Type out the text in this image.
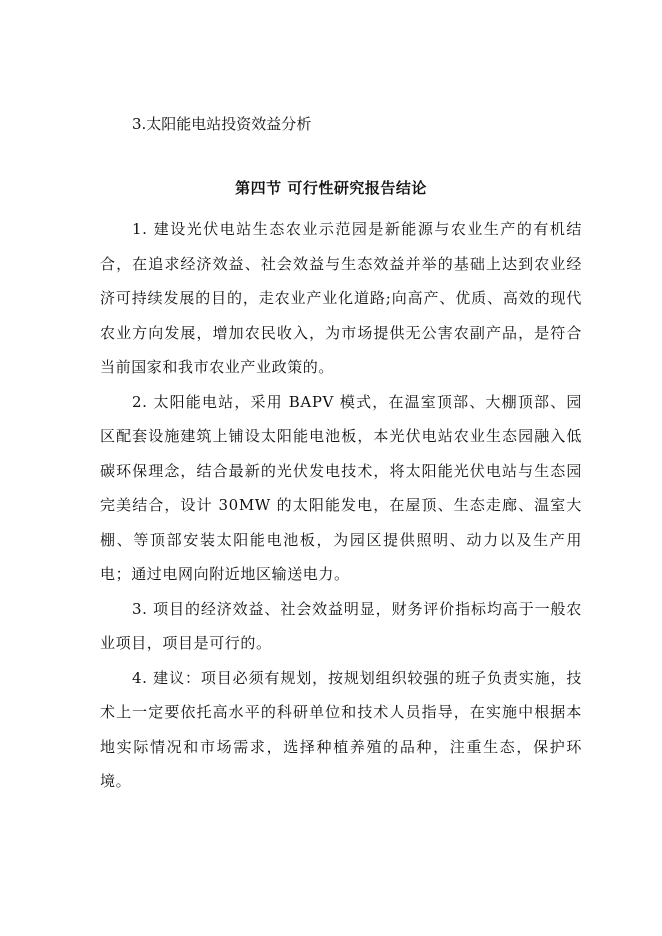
3.太阳能电站投资效益分析

第四节 可行性研究报告结论

1. 建设光伏电站生态农业示范园是新能源与农业生产的有机结合，在追求经济效益、社会效益与生态效益并举的基础上达到农业经济可持续发展的目的，走农业产业化道路;向高产、优质、高效的现代农业方向发展，增加农民收入，为市场提供无公害农副产品，是符合当前国家和我市农业产业政策的。

2. 太阳能电站，采用 BAPV 模式，在温室顶部、大棚顶部、园区配套设施建筑上铺设太阳能电池板，本光伏电站农业生态园融入低碳环保理念，结合最新的光伏发电技术，将太阳能光伏电站与生态园完美结合，设计 30MW 的太阳能发电，在屋顶、生态走廊、温室大棚、等顶部安装太阳能电池板，为园区提供照明、动力以及生产用电；通过电网向附近地区输送电力。

3. 项目的经济效益、社会效益明显，财务评价指标均高于一般农业项目，项目是可行的。

4. 建议：项目必须有规划，按规划组织较强的班子负责实施，技术上一定要依托高水平的科研单位和技术人员指导，在实施中根据本地实际情况和市场需求，选择种植养殖的品种，注重生态，保护环境。
